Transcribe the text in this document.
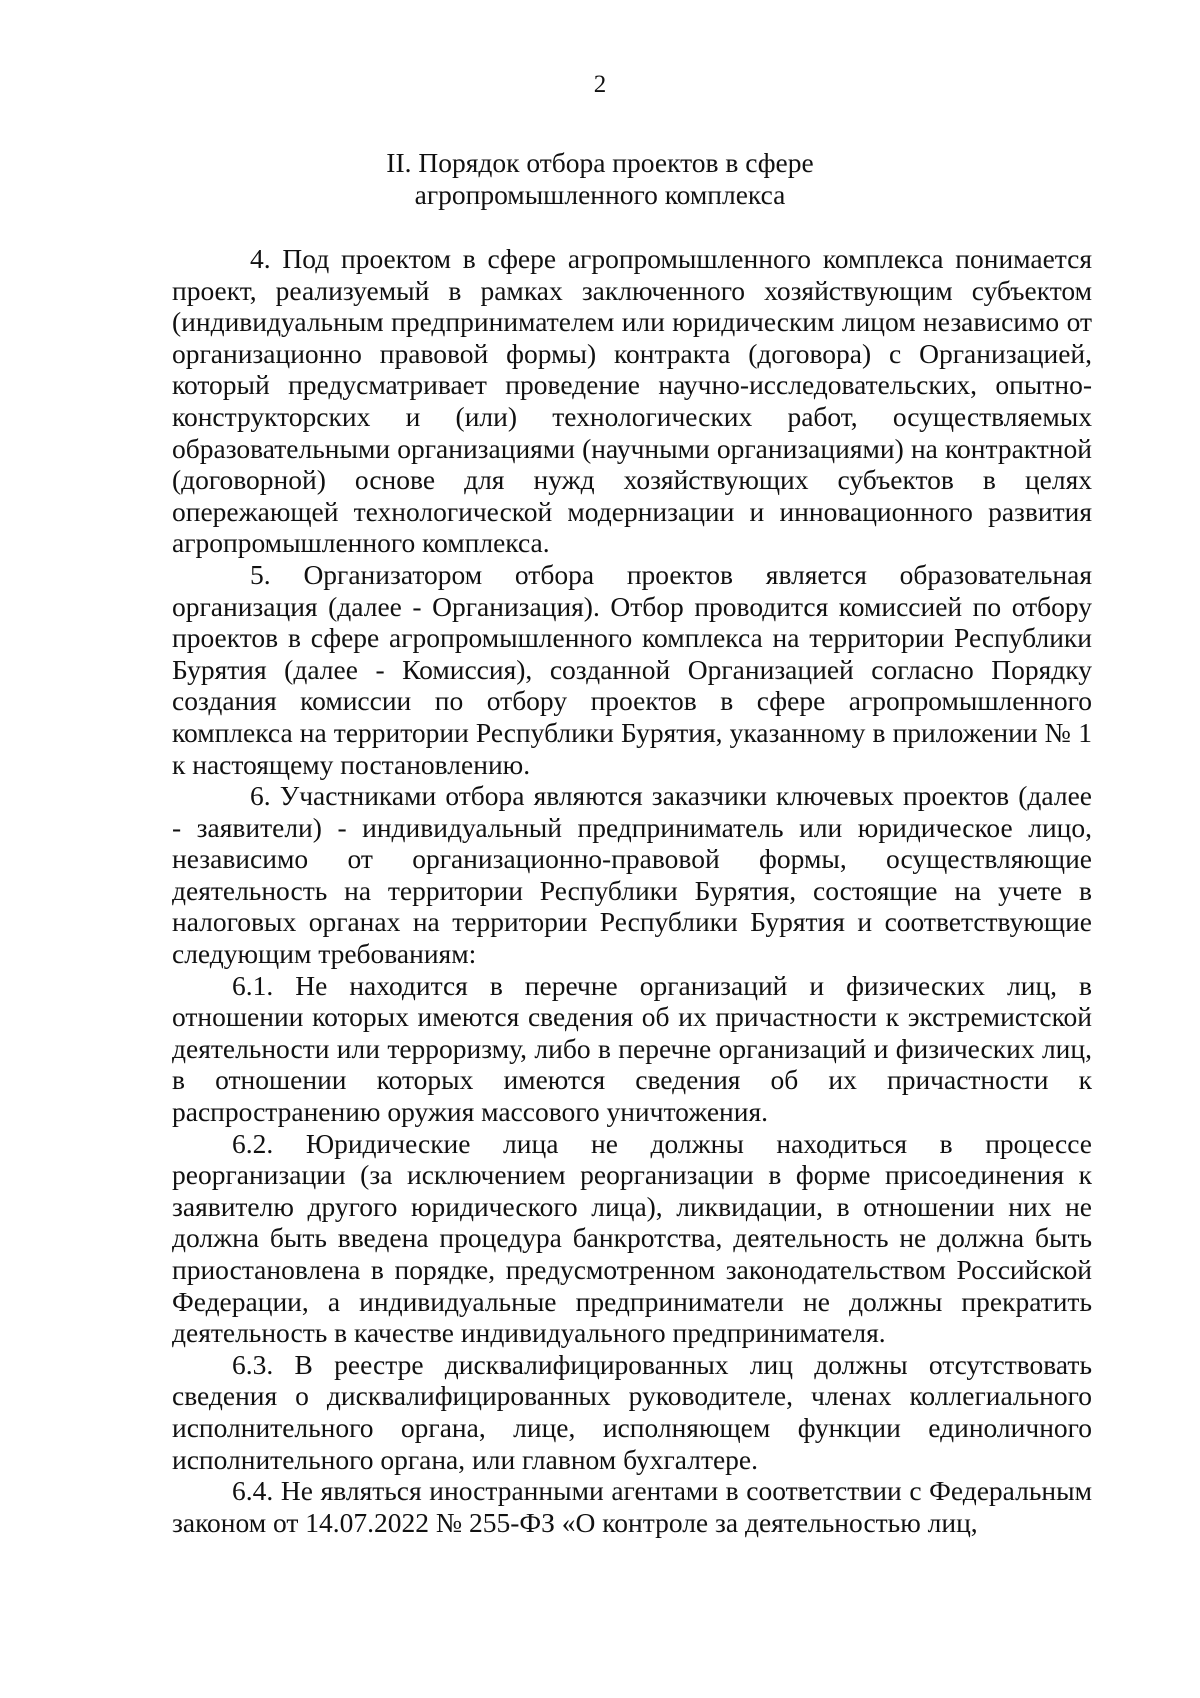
2
II. Порядок отбора проектов в сфере
агропромышленного комплекса

4. Под проектом в сфере агропромышленного комплекса понимается проект, реализуемый в рамках заключенного хозяйствующим субъектом (индивидуальным предпринимателем или юридическим лицом независимо от организационно правовой формы) контракта (договора) с Организацией, который предусматривает проведение научно-исследовательских, опытно-конструкторских и (или) технологических работ, осуществляемых образовательными организациями (научными организациями) на контрактной (договорной) основе для нужд хозяйствующих субъектов в целях опережающей технологической модернизации и инновационного развития агропромышленного комплекса.

5. Организатором отбора проектов является образовательная организация (далее - Организация). Отбор проводится комиссией по отбору проектов в сфере агропромышленного комплекса на территории Республики Бурятия (далее - Комиссия), созданной Организацией согласно Порядку создания комиссии по отбору проектов в сфере агропромышленного комплекса на территории Республики Бурятия, указанному в приложении № 1 к настоящему постановлению.

6. Участниками отбора являются заказчики ключевых проектов (далее - заявители) - индивидуальный предприниматель или юридическое лицо, независимо от организационно-правовой формы, осуществляющие деятельность на территории Республики Бурятия, состоящие на учете в налоговых органах на территории Республики Бурятия и соответствующие следующим требованиям:

6.1. Не находится в перечне организаций и физических лиц, в отношении которых имеются сведения об их причастности к экстремистской деятельности или терроризму, либо в перечне организаций и физических лиц, в отношении которых имеются сведения об их причастности к распространению оружия массового уничтожения.

6.2. Юридические лица не должны находиться в процессе реорганизации (за исключением реорганизации в форме присоединения к заявителю другого юридического лица), ликвидации, в отношении них не должна быть введена процедура банкротства, деятельность не должна быть приостановлена в порядке, предусмотренном законодательством Российской Федерации, а индивидуальные предприниматели не должны прекратить деятельность в качестве индивидуального предпринимателя.

6.3. В реестре дисквалифицированных лиц должны отсутствовать сведения о дисквалифицированных руководителе, членах коллегиального исполнительного органа, лице, исполняющем функции единоличного исполнительного органа, или главном бухгалтере.

6.4. Не являться иностранными агентами в соответствии с Федеральным законом от 14.07.2022 № 255-ФЗ «О контроле за деятельностью лиц,
